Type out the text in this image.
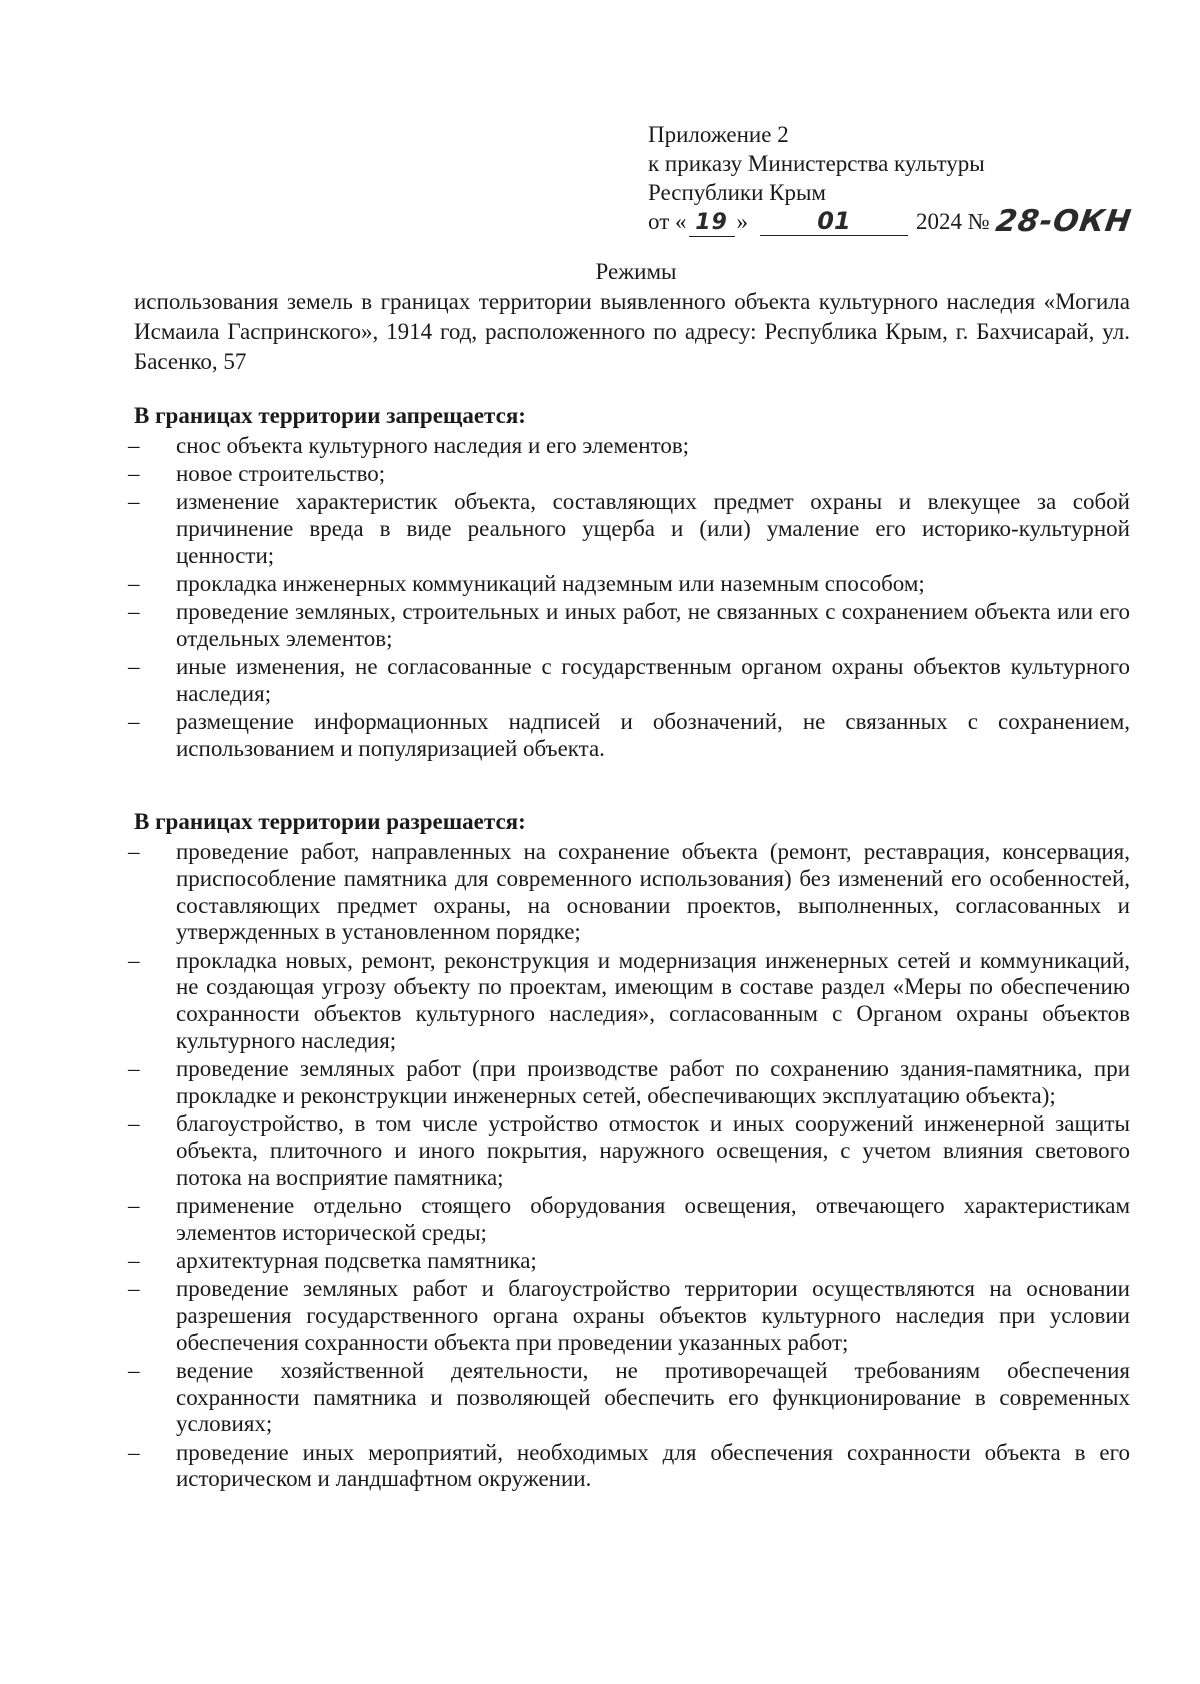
Приложение 2
к приказу Министерства культуры
Республики Крым
от « 19 »	01	2024 № 28-ОКН
Режимы
использования земель в границах территории выявленного объекта культурного наследия «Могила Исмаила Гаспринского», 1914 год, расположенного по адресу: Республика Крым, г. Бахчисарай, ул. Басенко, 57
В границах территории запрещается:
–	снос объекта культурного наследия и его элементов;
–	новое строительство;
–	изменение характеристик объекта, составляющих предмет охраны и влекущее за собой причинение вреда в виде реального ущерба и (или) умаление его историко-культурной ценности;
–	прокладка инженерных коммуникаций надземным или наземным способом;
–	проведение земляных, строительных и иных работ, не связанных с сохранением объекта или его отдельных элементов;
–	иные изменения, не согласованные с государственным органом охраны объектов культурного наследия;
–	размещение информационных надписей и обозначений, не связанных с сохранением, использованием и популяризацией объекта.
В границах территории разрешается:
–	проведение работ, направленных на сохранение объекта (ремонт, реставрация, консервация, приспособление памятника для современного использования) без изменений его особенностей, составляющих предмет охраны, на основании проектов, выполненных, согласованных и утвержденных в установленном порядке;
–	прокладка новых, ремонт, реконструкция и модернизация инженерных сетей и коммуникаций, не создающая угрозу объекту по проектам, имеющим в составе раздел «Меры по обеспечению сохранности объектов культурного наследия», согласованным с Органом охраны объектов культурного наследия;
–	проведение земляных работ (при производстве работ по сохранению здания-памятника, при прокладке и реконструкции инженерных сетей, обеспечивающих эксплуатацию объекта);
–	благоустройство, в том числе устройство отмосток и иных сооружений инженерной защиты объекта, плиточного и иного покрытия, наружного освещения, с учетом влияния светового потока на восприятие памятника;
–	применение отдельно стоящего оборудования освещения, отвечающего характеристикам элементов исторической среды;
–	архитектурная подсветка памятника;
–	проведение земляных работ и благоустройство территории осуществляются на основании разрешения государственного органа охраны объектов культурного наследия при условии обеспечения сохранности объекта при проведении указанных работ;
–	ведение хозяйственной деятельности, не противоречащей требованиям обеспечения сохранности памятника и позволяющей обеспечить его функционирование в современных условиях;
–	проведение иных мероприятий, необходимых для обеспечения сохранности объекта в его историческом и ландшафтном окружении.
